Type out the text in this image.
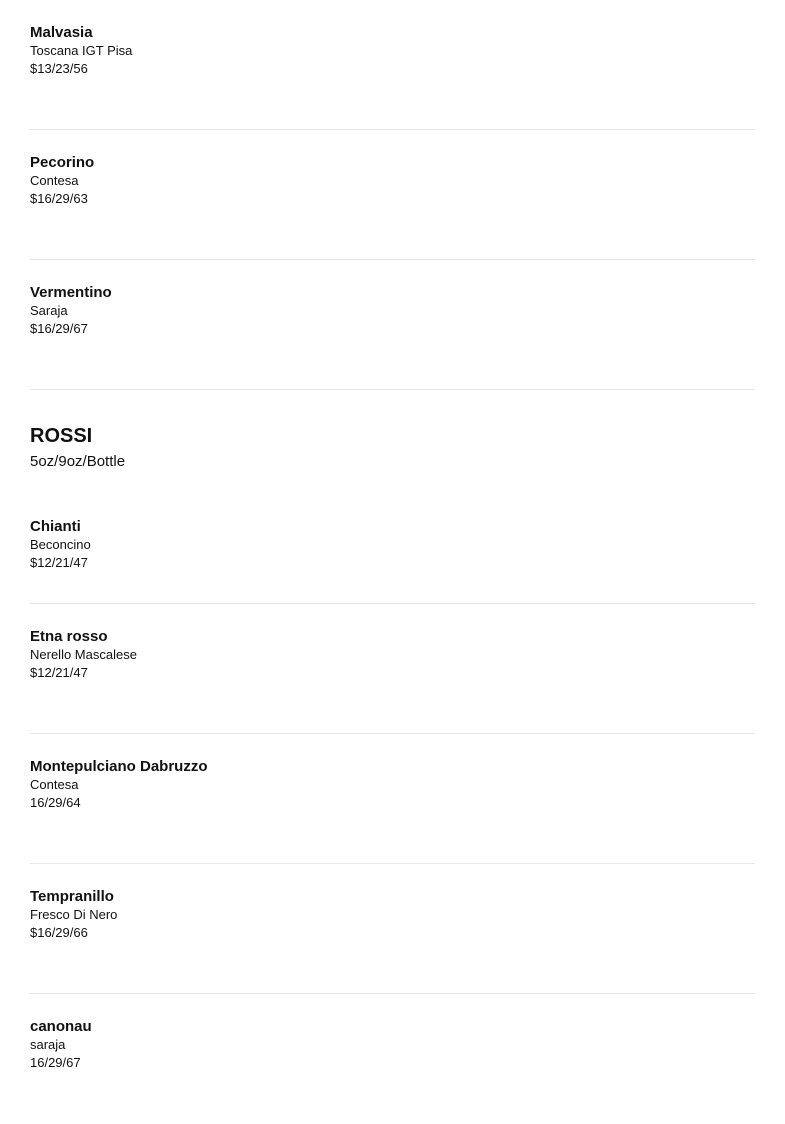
Malvasia

Toscana IGT Pisa

$13/23/56

Pecorino

Contesa

$16/29/63

Vermentino

Saraja

$16/29/67

ROSSI

5oz/9oz/Bottle

Chianti

Beconcino

$12/21/47

Etna rosso

Nerello Mascalese

$12/21/47

Montepulciano Dabruzzo

Contesa

16/29/64

Tempranillo

Fresco Di Nero

$16/29/66

canonau

saraja

16/29/67
